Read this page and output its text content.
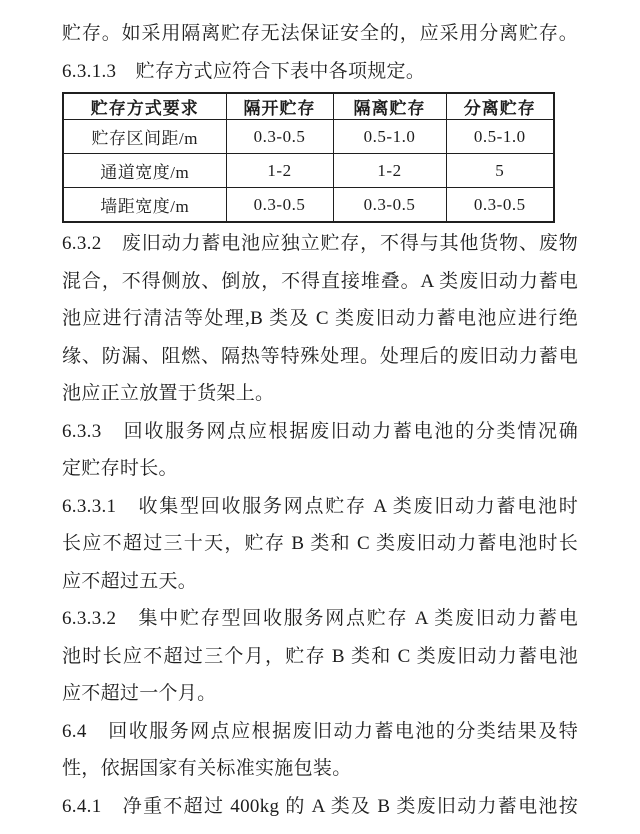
贮存。如采用隔离贮存无法保证安全的，应采用分离贮存。
6.3.1.3　贮存方式应符合下表中各项规定。
贮存方式要求	隔开贮存	隔离贮存	分离贮存
贮存区间距/m	0.3-0.5	0.5-1.0	0.5-1.0
通道宽度/m	1-2	1-2	5
墙距宽度/m	0.3-0.5	0.3-0.5	0.3-0.5
6.3.2　废旧动力蓄电池应独立贮存，不得与其他货物、废物
混合，不得侧放、倒放，不得直接堆叠。A 类废旧动力蓄电
池应进行清洁等处理,B 类及 C 类废旧动力蓄电池应进行绝
缘、防漏、阻燃、隔热等特殊处理。处理后的废旧动力蓄电
池应正立放置于货架上。
6.3.3　回收服务网点应根据废旧动力蓄电池的分类情况确
定贮存时长。
6.3.3.1　收集型回收服务网点贮存 A 类废旧动力蓄电池时
长应不超过三十天，贮存 B 类和 C 类废旧动力蓄电池时长
应不超过五天。
6.3.3.2　集中贮存型回收服务网点贮存 A 类废旧动力蓄电
池时长应不超过三个月，贮存 B 类和 C 类废旧动力蓄电池
应不超过一个月。
6.4　回收服务网点应根据废旧动力蓄电池的分类结果及特
性，依据国家有关标准实施包装。
6.4.1　净重不超过 400kg 的 A 类及 B 类废旧动力蓄电池按
